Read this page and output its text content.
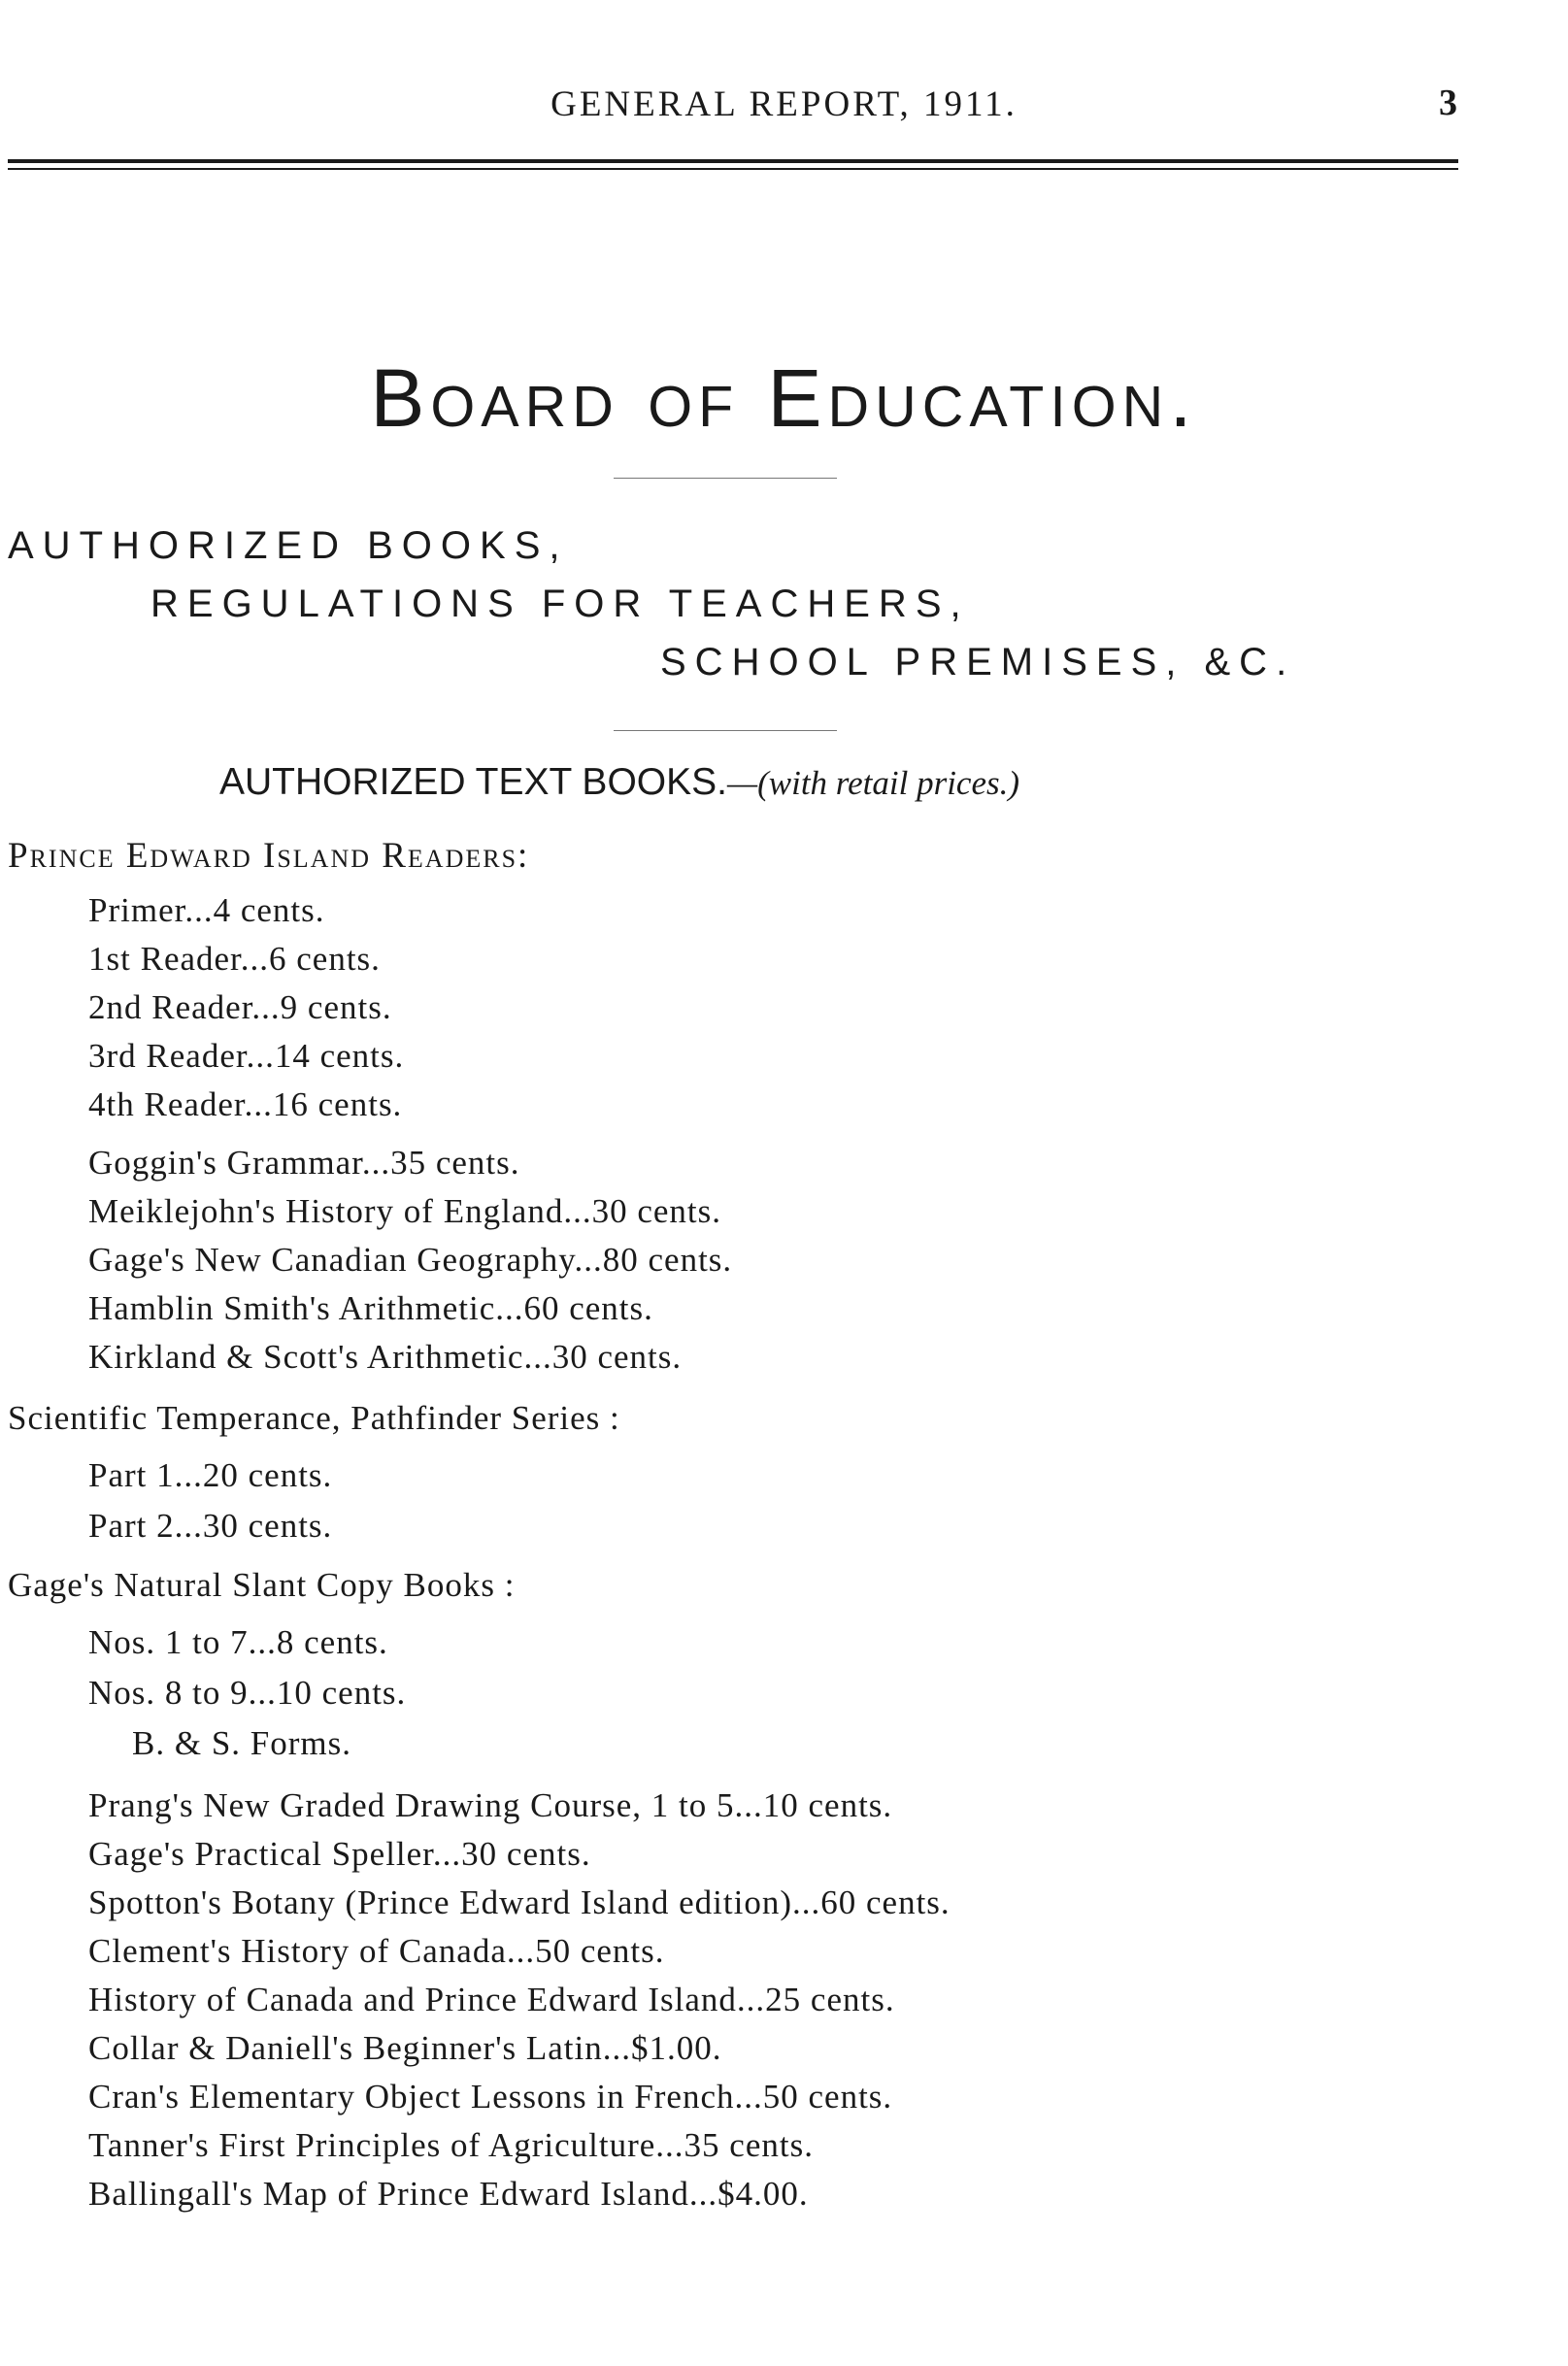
GENERAL REPORT, 1911.	3
Board of Education.
AUTHORIZED BOOKS,
REGULATIONS FOR TEACHERS,
SCHOOL PREMISES, &C.
AUTHORIZED TEXT BOOKS.—(with retail prices.)
Prince Edward Island Readers:
Primer...4 cents.
1st Reader...6 cents.
2nd Reader...9 cents.
3rd Reader...14 cents.
4th Reader...16 cents.
Goggin's Grammar...35 cents.
Meiklejohn's History of England...30 cents.
Gage's New Canadian Geography...80 cents.
Hamblin Smith's Arithmetic...60 cents.
Kirkland & Scott's Arithmetic...30 cents.
Scientific Temperance, Pathfinder Series :
Part 1...20 cents.
Part 2...30 cents.
Gage's Natural Slant Copy Books :
Nos. 1 to 7...8 cents.
Nos. 8 to 9...10 cents.
B. & S. Forms.
Prang's New Graded Drawing Course, 1 to 5...10 cents.
Gage's Practical Speller...30 cents.
Spotton's Botany (Prince Edward Island edition)...60 cents.
Clement's History of Canada...50 cents.
History of Canada and Prince Edward Island...25 cents.
Collar & Daniell's Beginner's Latin...$1.00.
Cran's Elementary Object Lessons in French...50 cents.
Tanner's First Principles of Agriculture...35 cents.
Ballingall's Map of Prince Edward Island...$4.00.
